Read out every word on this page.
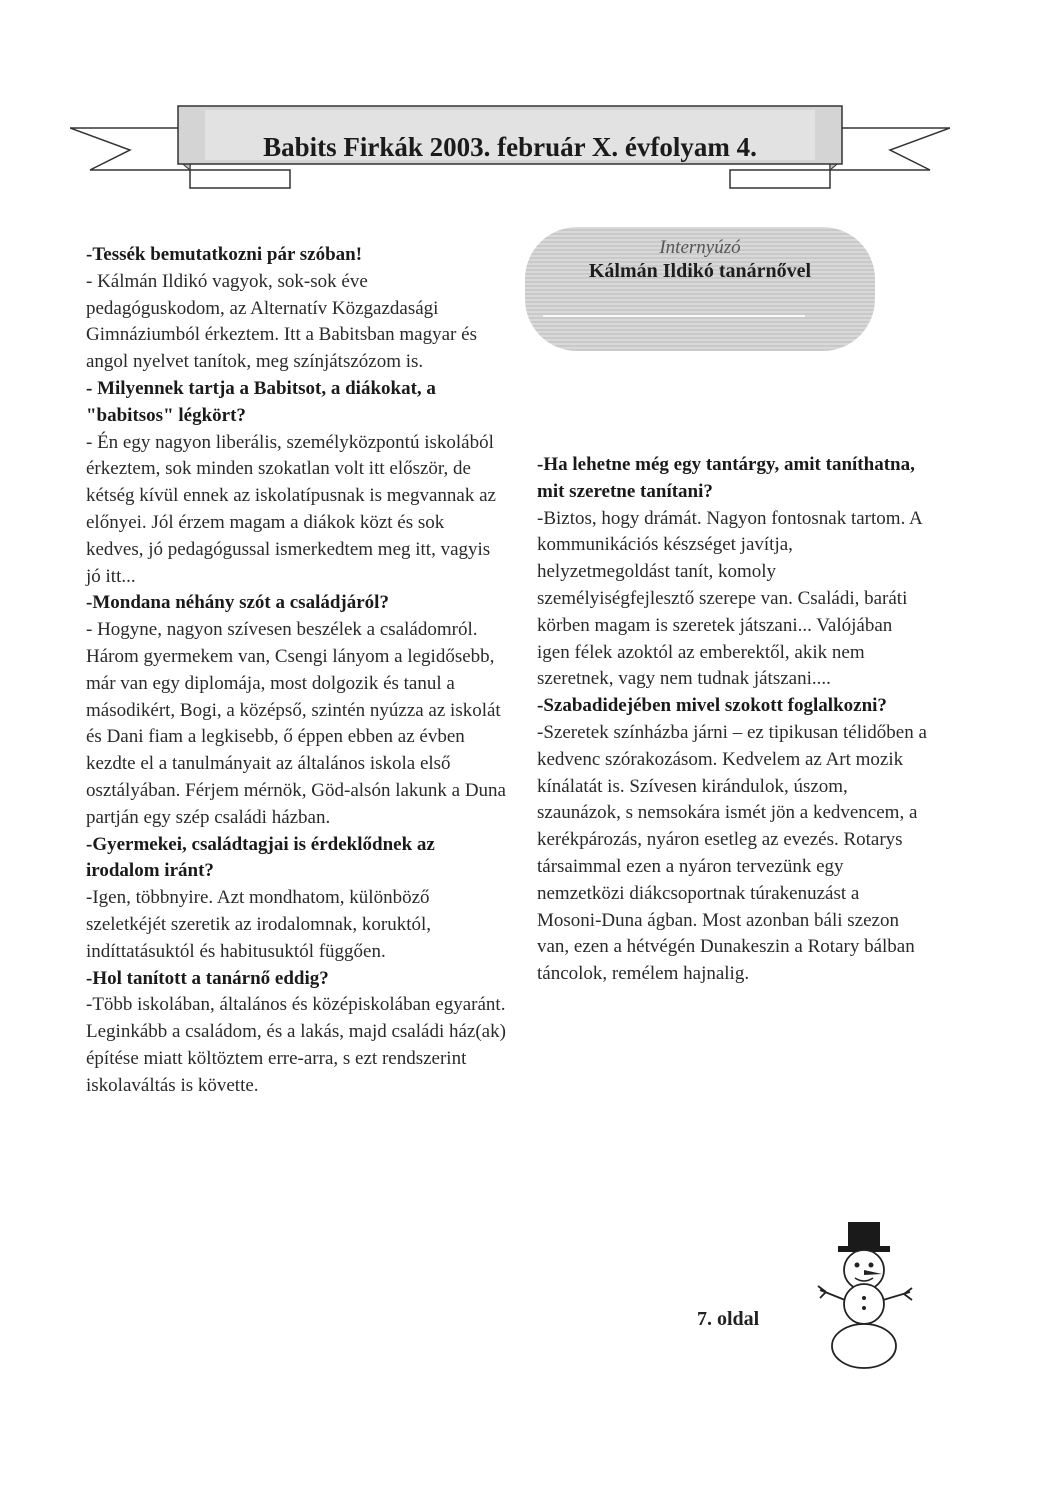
Babits Firkák 2003. február X. évfolyam 4.

-Tessék bemutatkozni pár szóban!

- Kálmán Ildikó vagyok, sok-sok éve pedagóguskodom, az Alternatív Közgazdasági Gimnáziumból érkeztem. Itt a Babitsban magyar és angol nyelvet tanítok, meg színjátszózom is.

- Milyennek tartja a Babitsot, a diákokat, a "babitsos" légkört?

- Én egy nagyon liberális, személyközpontú iskolából érkeztem, sok minden szokatlan volt itt először, de kétség kívül ennek az iskolatípusnak is megvannak az előnyei. Jól érzem magam a diákok közt és sok kedves, jó pedagógussal ismerkedtem meg itt, vagyis jó itt...

-Mondana néhány szót a családjáról?

- Hogyne, nagyon szívesen beszélek a családomról. Három gyermekem van, Csengi lányom a legidősebb, már van egy diplomája, most dolgozik és tanul a másodikért, Bogi, a középső, szintén nyúzza az iskolát és Dani fiam a legkisebb, ő éppen ebben az évben kezdte el a tanulmányait az általános iskola első osztályában. Férjem mérnök, Göd-alsón lakunk a Duna partján egy szép családi házban.

-Gyermekei, családtagjai is érdeklődnek az irodalom iránt?

-Igen, többnyire. Azt mondhatom, különböző szeletkéjét szeretik az irodalomnak, koruktól, indíttatásuktól és habitusuktól függően.

-Hol tanított a tanárnő eddig?

-Több iskolában, általános és középiskolában egyaránt. Leginkább a családom, és a lakás, majd családi ház(ak) építése miatt költöztem erre-arra, s ezt rendszerint iskolaváltás is követte.

Internyúzó
Kálmán Ildikó tanárnővel

-Ha lehetne még egy tantárgy, amit taníthatna, mit szeretne tanítani?

-Biztos, hogy drámát. Nagyon fontosnak tartom. A kommunikációs készséget javítja, helyzetmegoldást tanít, komoly személyiségfejlesztő szerepe van. Családi, baráti körben magam is szeretek játszani... Valójában igen félek azoktól az emberektől, akik nem szeretnek, vagy nem tudnak játszani....

-Szabadidejében mivel szokott foglalkozni?

-Szeretek színházba járni – ez tipikusan télidőben a kedvenc szórakozásom. Kedvelem az Art mozik kínálatát is. Szívesen kirándulok, úszom, szaunázok, s nemsokára ismét jön a kedvencem, a kerékpározás, nyáron esetleg az evezés. Rotarys társaimmal ezen a nyáron tervezünk egy nemzetközi diákcsoportnak túrakenuzást a Mosoni-Duna ágban. Most azonban báli szezon van, ezen a hétvégén Dunakeszin a Rotary bálban táncolok, remélem hajnalig.

7. oldal
